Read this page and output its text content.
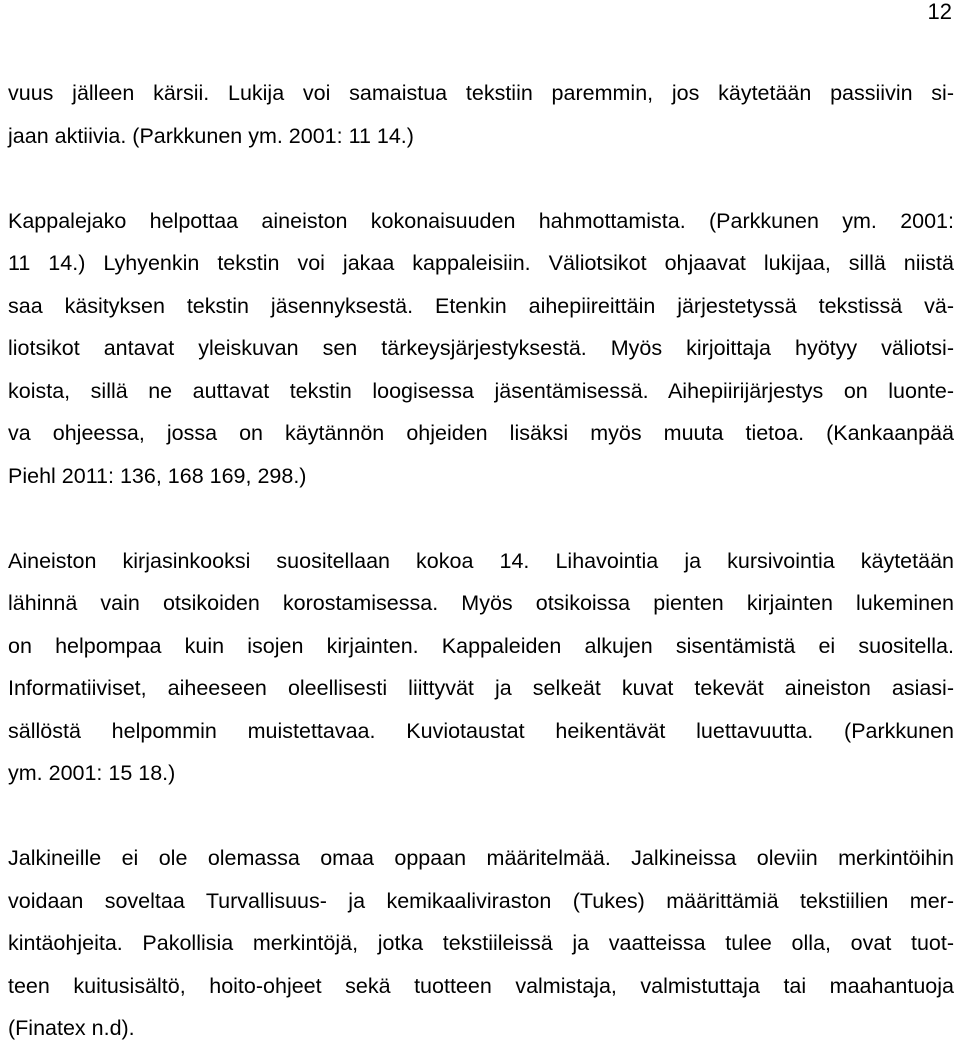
12
vuus jälleen kärsii. Lukija voi samaistua tekstiin paremmin, jos käytetään passiivin si-
jaan aktiivia. (Parkkunen ym. 2001: 11 14.)
Kappalejako helpottaa aineiston kokonaisuuden hahmottamista. (Parkkunen ym. 2001:
11 14.) Lyhyenkin tekstin voi jakaa kappaleisiin. Väliotsikot ohjaavat lukijaa, sillä niistä
saa käsityksen tekstin jäsennyksestä. Etenkin aihepiireittäin järjestetyssä tekstissä vä-
liotsikot antavat yleiskuvan sen tärkeysjärjestyksestä. Myös kirjoittaja hyötyy väliotsi-
koista, sillä ne auttavat tekstin loogisessa jäsentämisessä. Aihepiirijärjestys on luonte-
va ohjeessa, jossa on käytännön ohjeiden lisäksi myös muuta tietoa. (Kankaanpää
Piehl 2011: 136, 168 169, 298.)
Aineiston kirjasinkooksi suositellaan kokoa 14. Lihavointia ja kursivointia käytetään
lähinnä vain otsikoiden korostamisessa. Myös otsikoissa pienten kirjainten lukeminen
on helpompaa kuin isojen kirjainten. Kappaleiden alkujen sisentämistä ei suositella.
Informatiiviset, aiheeseen oleellisesti liittyvät ja selkeät kuvat tekevät aineiston asiasi-
sällöstä helpommin muistettavaa. Kuviotaustat heikentävät luettavuutta. (Parkkunen
ym. 2001: 15 18.)
Jalkineille ei ole olemassa omaa oppaan määritelmää. Jalkineissa oleviin merkintöihin
voidaan soveltaa Turvallisuus- ja kemikaaliviraston (Tukes) määrittämiä tekstiilien mer-
kintäohjeita. Pakollisia merkintöjä, jotka tekstiileissä ja vaatteissa tulee olla, ovat tuot-
teen kuitusisältö, hoito-ohjeet sekä tuotteen valmistaja, valmistuttaja tai maahantuoja
(Finatex n.d).
